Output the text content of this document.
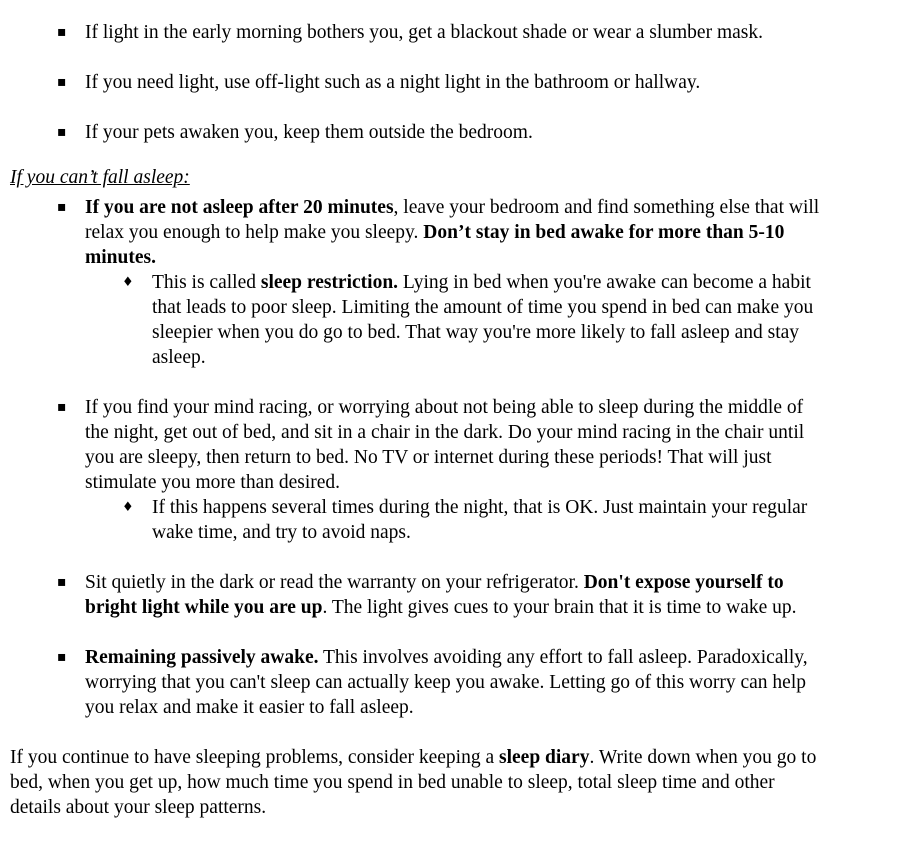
▪ If light in the early morning bothers you, get a blackout shade or wear a slumber mask.
▪ If you need light, use off-light such as a night light in the bathroom or hallway.
▪ If your pets awaken you, keep them outside the bedroom.
If you can’t fall asleep:
▪ If you are not asleep after 20 minutes, leave your bedroom and find something else that will relax you enough to help make you sleepy. Don’t stay in bed awake for more than 5-10 minutes.
♦ This is called sleep restriction. Lying in bed when you're awake can become a habit that leads to poor sleep. Limiting the amount of time you spend in bed can make you sleepier when you do go to bed. That way you're more likely to fall asleep and stay asleep.
▪ If you find your mind racing, or worrying about not being able to sleep during the middle of the night, get out of bed, and sit in a chair in the dark. Do your mind racing in the chair until you are sleepy, then return to bed. No TV or internet during these periods! That will just stimulate you more than desired.
♦ If this happens several times during the night, that is OK. Just maintain your regular wake time, and try to avoid naps.
▪ Sit quietly in the dark or read the warranty on your refrigerator. Don't expose yourself to bright light while you are up. The light gives cues to your brain that it is time to wake up.
▪ Remaining passively awake. This involves avoiding any effort to fall asleep. Paradoxically, worrying that you can't sleep can actually keep you awake. Letting go of this worry can help you relax and make it easier to fall asleep.
If you continue to have sleeping problems, consider keeping a sleep diary. Write down when you go to bed, when you get up, how much time you spend in bed unable to sleep, total sleep time and other details about your sleep patterns.
